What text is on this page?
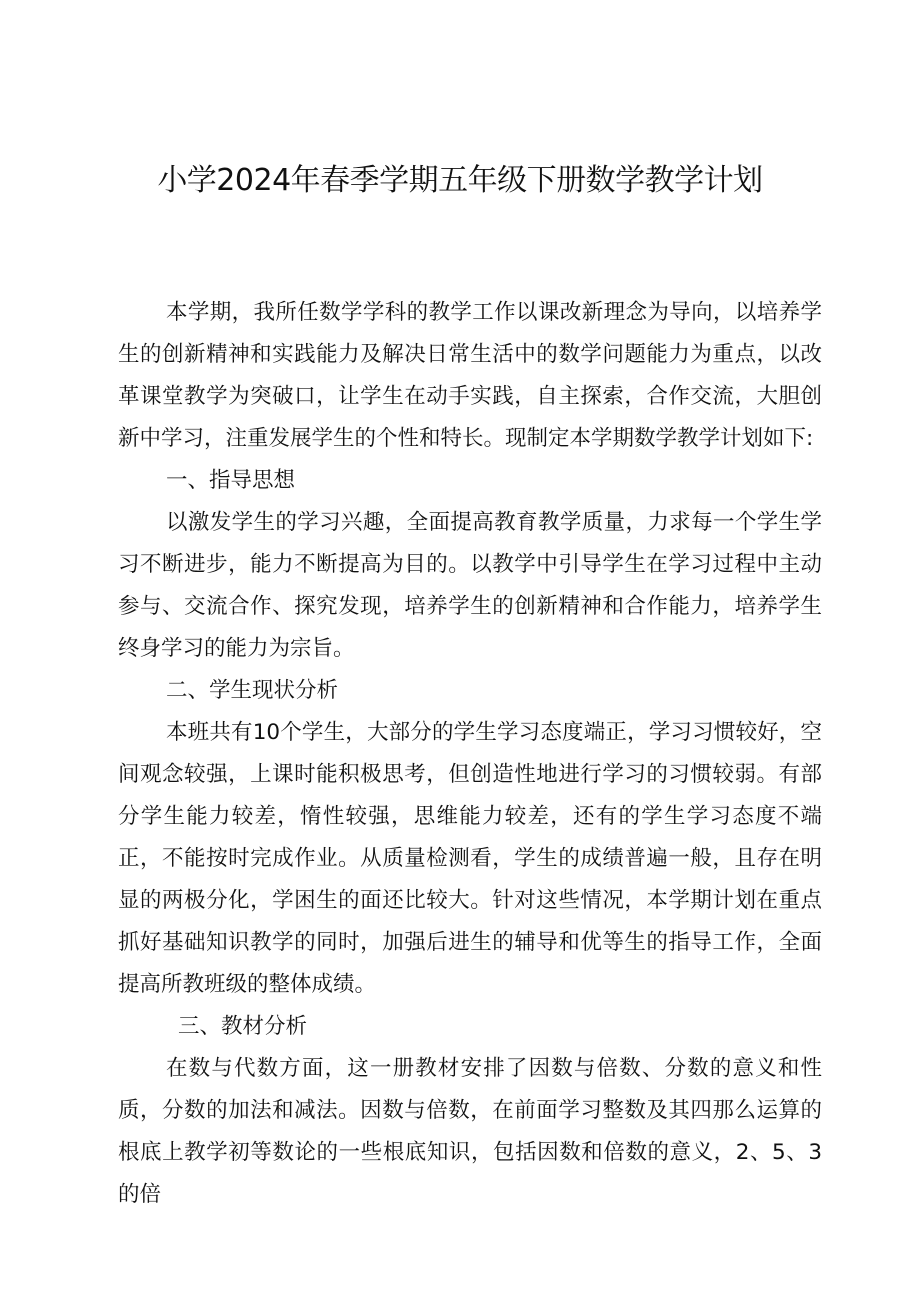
小学2024年春季学期五年级下册数学教学计划

本学期，我所任数学学科的教学工作以课改新理念为导向，以培养学生的创新精神和实践能力及解决日常生活中的数学问题能力为重点，以改革课堂教学为突破口，让学生在动手实践，自主探索，合作交流，大胆创新中学习，注重发展学生的个性和特长。现制定本学期数学教学计划如下:

一、指导思想

以激发学生的学习兴趣，全面提高教育教学质量，力求每一个学生学习不断进步，能力不断提高为目的。以教学中引导学生在学习过程中主动参与、交流合作、探究发现，培养学生的创新精神和合作能力，培养学生终身学习的能力为宗旨。

二、学生现状分析

本班共有10个学生，大部分的学生学习态度端正，学习习惯较好，空间观念较强，上课时能积极思考，但创造性地进行学习的习惯较弱。有部分学生能力较差，惰性较强，思维能力较差，还有的学生学习态度不端正，不能按时完成作业。从质量检测看，学生的成绩普遍一般，且存在明显的两极分化，学困生的面还比较大。针对这些情况，本学期计划在重点抓好基础知识教学的同时，加强后进生的辅导和优等生的指导工作，全面提高所教班级的整体成绩。

三、教材分析

在数与代数方面，这一册教材安排了因数与倍数、分数的意义和性质，分数的加法和减法。因数与倍数，在前面学习整数及其四那么运算的根底上教学初等数论的一些根底知识，包括因数和倍数的意义，2、5、3的倍
